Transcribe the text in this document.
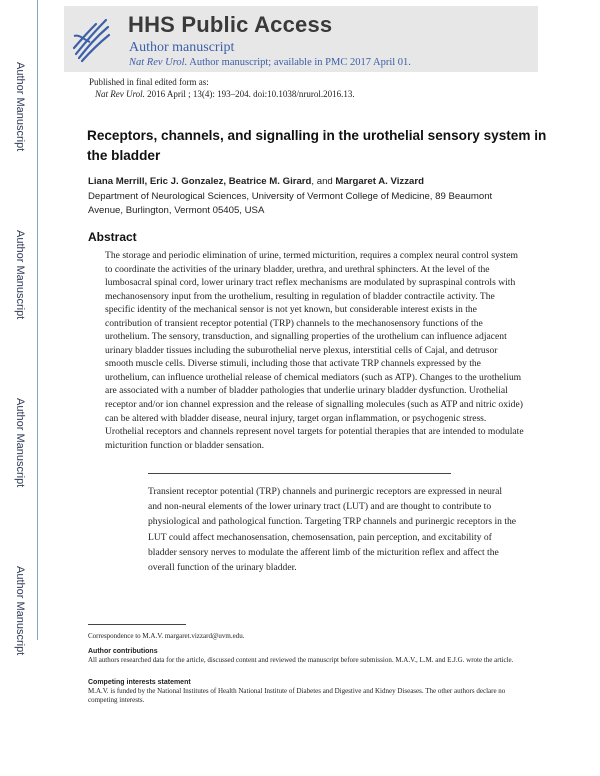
Author Manuscript
Author Manuscript
Author Manuscript
Author Manuscript
HHS Public Access
Author manuscript
Nat Rev Urol. Author manuscript; available in PMC 2017 April 01.
Published in final edited form as:
Nat Rev Urol. 2016 April ; 13(4): 193–204. doi:10.1038/nrurol.2016.13.
Receptors, channels, and signalling in the urothelial sensory system in the bladder
Liana Merrill, Eric J. Gonzalez, Beatrice M. Girard, and Margaret A. Vizzard
Department of Neurological Sciences, University of Vermont College of Medicine, 89 Beaumont Avenue, Burlington, Vermont 05405, USA
Abstract
The storage and periodic elimination of urine, termed micturition, requires a complex neural control system to coordinate the activities of the urinary bladder, urethra, and urethral sphincters. At the level of the lumbosacral spinal cord, lower urinary tract reflex mechanisms are modulated by supraspinal controls with mechanosensory input from the urothelium, resulting in regulation of bladder contractile activity. The specific identity of the mechanical sensor is not yet known, but considerable interest exists in the contribution of transient receptor potential (TRP) channels to the mechanosensory functions of the urothelium. The sensory, transduction, and signalling properties of the urothelium can influence adjacent urinary bladder tissues including the suburothelial nerve plexus, interstitial cells of Cajal, and detrusor smooth muscle cells. Diverse stimuli, including those that activate TRP channels expressed by the urothelium, can influence urothelial release of chemical mediators (such as ATP). Changes to the urothelium are associated with a number of bladder pathologies that underlie urinary bladder dysfunction. Urothelial receptor and/or ion channel expression and the release of signalling molecules (such as ATP and nitric oxide) can be altered with bladder disease, neural injury, target organ inflammation, or psychogenic stress. Urothelial receptors and channels represent novel targets for potential therapies that are intended to modulate micturition function or bladder sensation.
Transient receptor potential (TRP) channels and purinergic receptors are expressed in neural and non-neural elements of the lower urinary tract (LUT) and are thought to contribute to physiological and pathological function. Targeting TRP channels and purinergic receptors in the LUT could affect mechanosensation, chemosensation, pain perception, and excitability of bladder sensory nerves to modulate the afferent limb of the micturition reflex and affect the overall function of the urinary bladder.
Correspondence to M.A.V. margaret.vizzard@uvm.edu.
Author contributions
All authors researched data for the article, discussed content and reviewed the manuscript before submission. M.A.V., L.M. and E.J.G. wrote the article.
Competing interests statement
M.A.V. is funded by the National Institutes of Health National Institute of Diabetes and Digestive and Kidney Diseases. The other authors declare no competing interests.
